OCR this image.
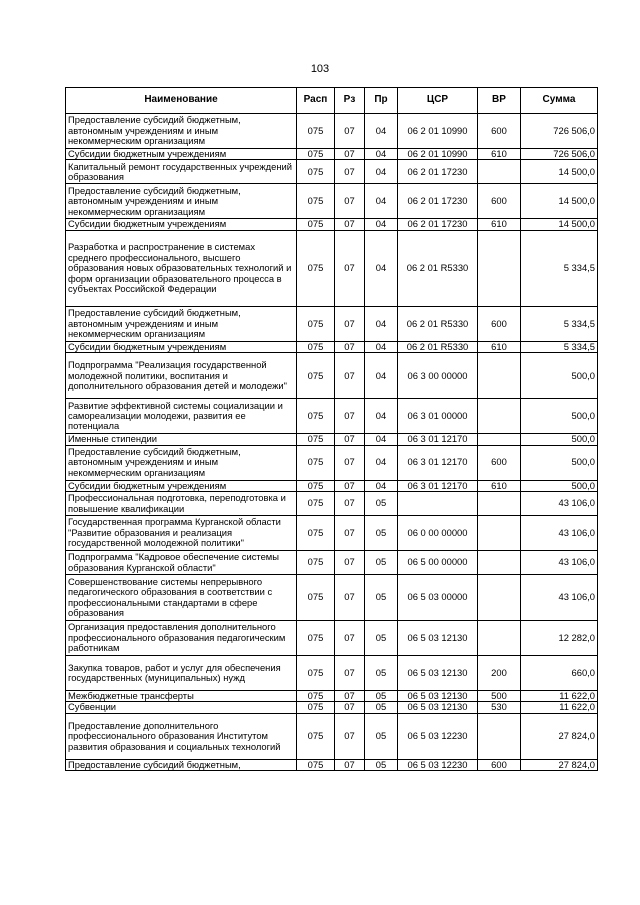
103
Наименование	Расп	Рз	Пр	ЦСР	ВР	Сумма
Предоставление субсидий бюджетным, автономным учреждениям и иным некоммерческим организациям	075	07	04	06 2 01 10990	600	726 506,0
Субсидии бюджетным учреждениям	075	07	04	06 2 01 10990	610	726 506,0
Капитальный ремонт государственных учреждений образования	075	07	04	06 2 01 17230		14 500,0
Предоставление субсидий бюджетным, автономным учреждениям и иным некоммерческим организациям	075	07	04	06 2 01 17230	600	14 500,0
Субсидии бюджетным учреждениям	075	07	04	06 2 01 17230	610	14 500,0
Разработка и распространение в системах среднего профессионального, высшего образования новых образовательных технологий и форм организации образовательного процесса в субъектах Российской Федерации	075	07	04	06 2 01 R5330		5 334,5
Предоставление субсидий бюджетным, автономным учреждениям и иным некоммерческим организациям	075	07	04	06 2 01 R5330	600	5 334,5
Субсидии бюджетным учреждениям	075	07	04	06 2 01 R5330	610	5 334,5
Подпрограмма "Реализация государственной молодежной политики, воспитания и дополнительного образования детей и молодежи"	075	07	04	06 3 00 00000		500,0
Развитие эффективной системы социализации и самореализации молодежи, развития ее потенциала	075	07	04	06 3 01 00000		500,0
Именные стипендии	075	07	04	06 3 01 12170		500,0
Предоставление субсидий бюджетным, автономным учреждениям и иным некоммерческим организациям	075	07	04	06 3 01 12170	600	500,0
Субсидии бюджетным учреждениям	075	07	04	06 3 01 12170	610	500,0
Профессиональная подготовка, переподготовка и повышение квалификации	075	07	05			43 106,0
Государственная программа Курганской области "Развитие образования и реализация государственной молодежной политики"	075	07	05	06 0 00 00000		43 106,0
Подпрограмма "Кадровое обеспечение системы образования Курганской области"	075	07	05	06 5 00 00000		43 106,0
Совершенствование системы непрерывного педагогического образования в соответствии с профессиональными стандартами в сфере образования	075	07	05	06 5 03 00000		43 106,0
Организация предоставления дополнительного профессионального образования педагогическим работникам	075	07	05	06 5 03 12130		12 282,0
Закупка товаров, работ и услуг для обеспечения государственных (муниципальных) нужд	075	07	05	06 5 03 12130	200	660,0
Межбюджетные трансферты	075	07	05	06 5 03 12130	500	11 622,0
Субвенции	075	07	05	06 5 03 12130	530	11 622,0
Предоставление дополнительного профессионального образования Институтом развития образования и социальных технологий	075	07	05	06 5 03 12230		27 824,0
Предоставление субсидий бюджетным,	075	07	05	06 5 03 12230	600	27 824,0
